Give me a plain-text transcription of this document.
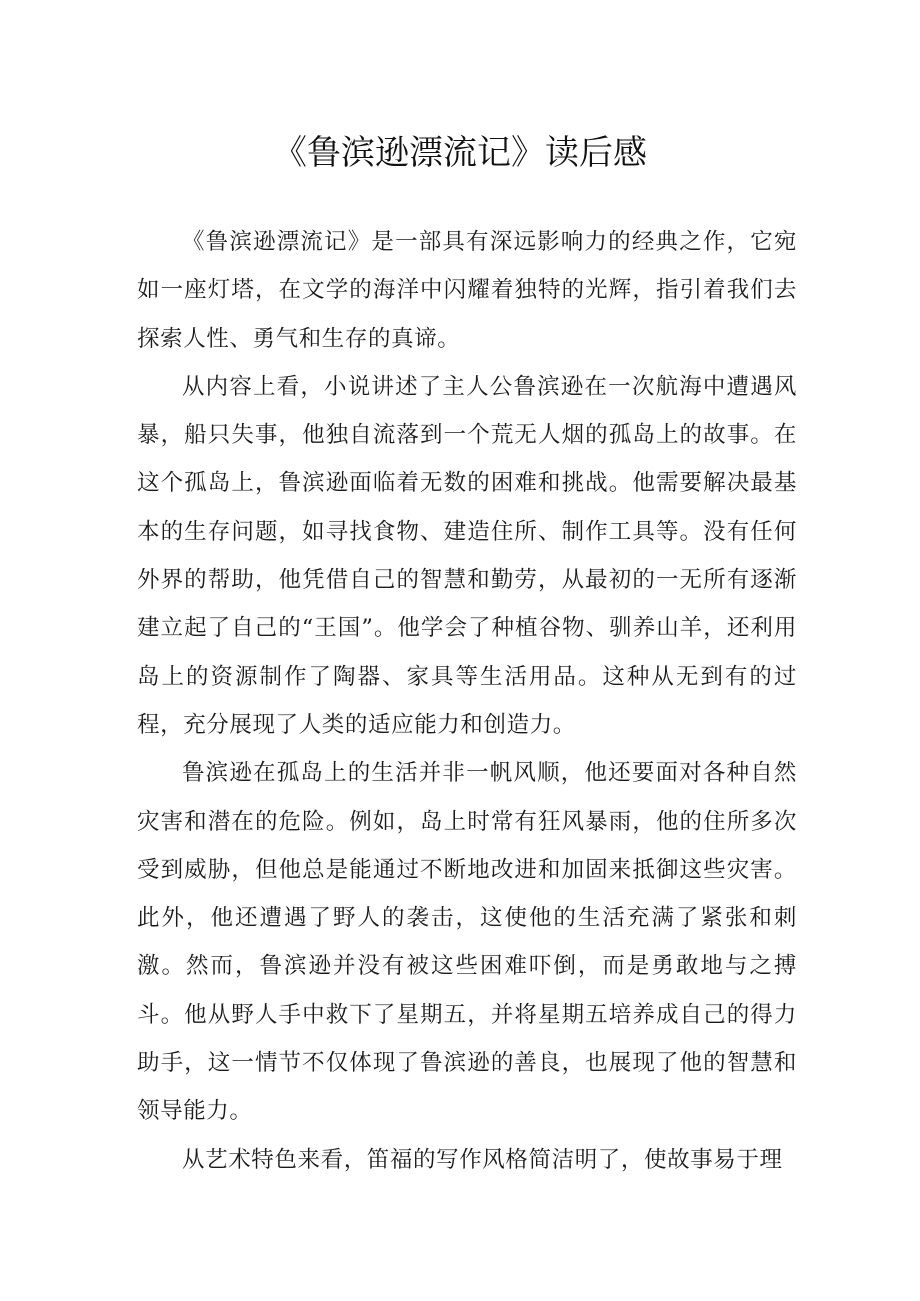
《鲁滨逊漂流记》读后感

《鲁滨逊漂流记》是一部具有深远影响力的经典之作，它宛如一座灯塔，在文学的海洋中闪耀着独特的光辉，指引着我们去探索人性、勇气和生存的真谛。

从内容上看，小说讲述了主人公鲁滨逊在一次航海中遭遇风暴，船只失事，他独自流落到一个荒无人烟的孤岛上的故事。在这个孤岛上，鲁滨逊面临着无数的困难和挑战。他需要解决最基本的生存问题，如寻找食物、建造住所、制作工具等。没有任何外界的帮助，他凭借自己的智慧和勤劳，从最初的一无所有逐渐建立起了自己的“王国”。他学会了种植谷物、驯养山羊，还利用岛上的资源制作了陶器、家具等生活用品。这种从无到有的过程，充分展现了人类的适应能力和创造力。

鲁滨逊在孤岛上的生活并非一帆风顺，他还要面对各种自然灾害和潜在的危险。例如，岛上时常有狂风暴雨，他的住所多次受到威胁，但他总是能通过不断地改进和加固来抵御这些灾害。此外，他还遭遇了野人的袭击，这使他的生活充满了紧张和刺激。然而，鲁滨逊并没有被这些困难吓倒，而是勇敢地与之搏斗。他从野人手中救下了星期五，并将星期五培养成自己的得力助手，这一情节不仅体现了鲁滨逊的善良，也展现了他的智慧和领导能力。

从艺术特色来看，笛福的写作风格简洁明了，使故事易于理
